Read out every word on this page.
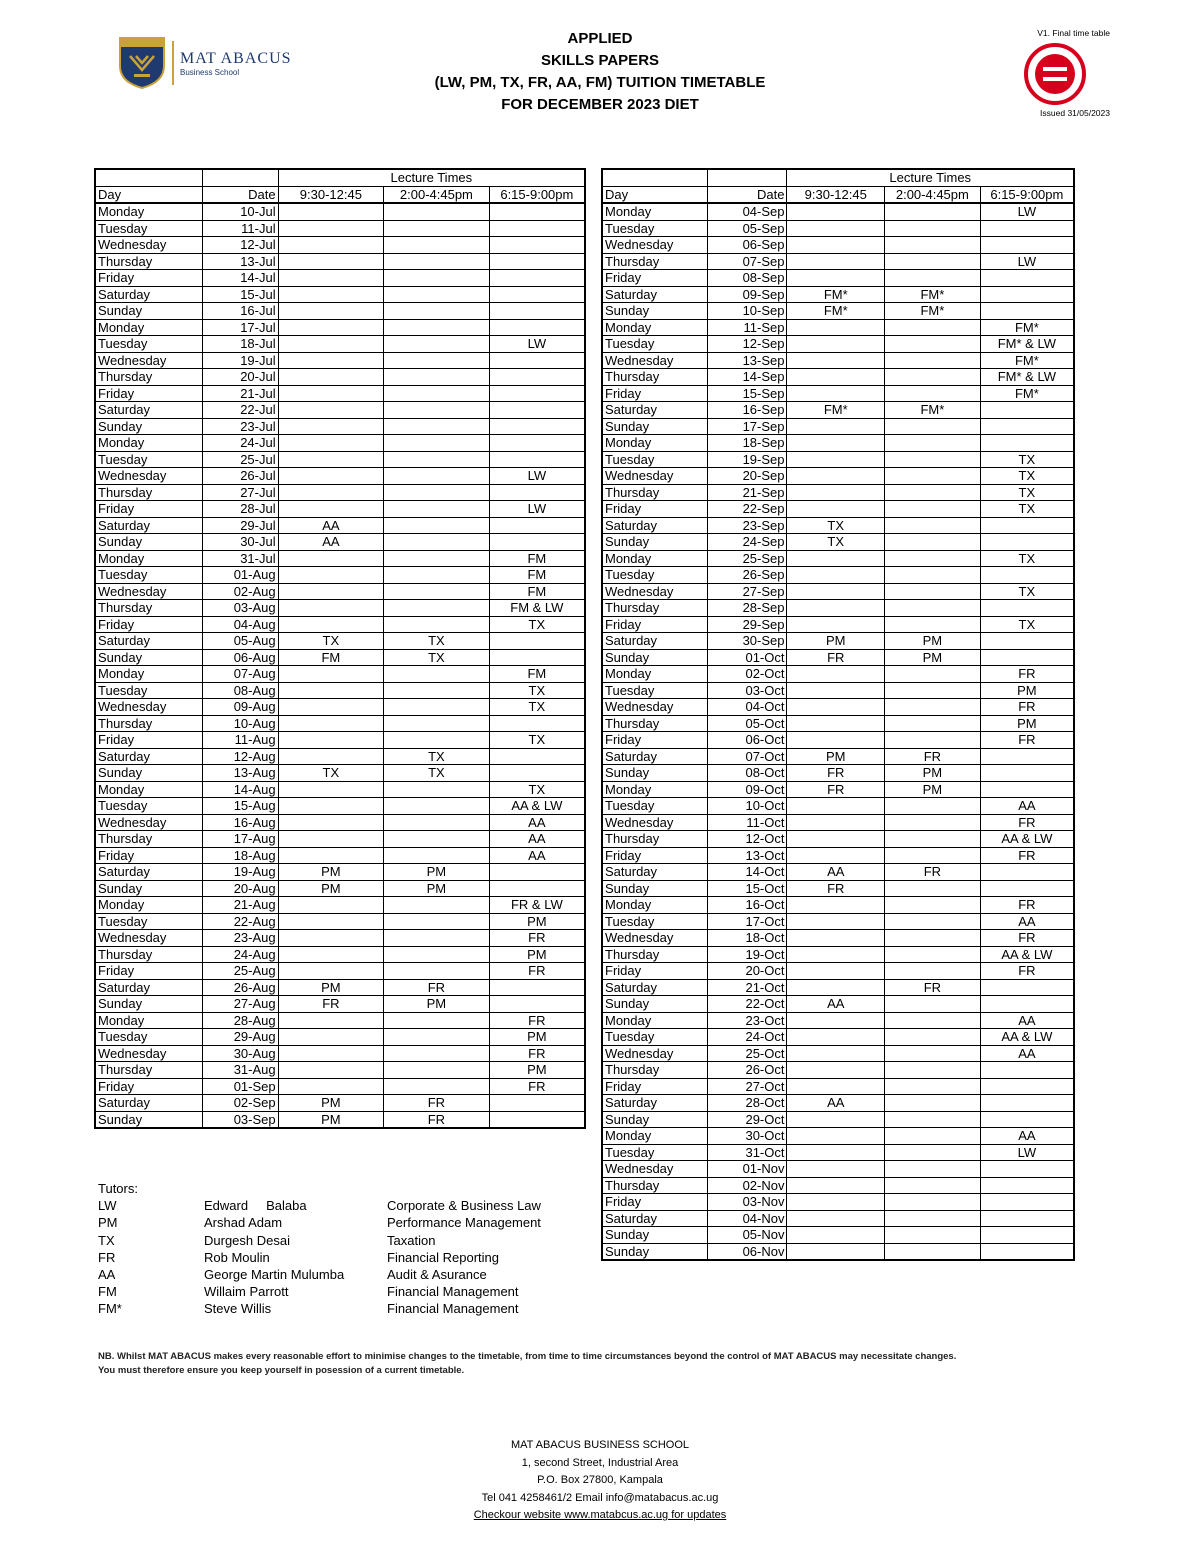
MAT ABACUS
Business School
APPLIED
SKILLS PAPERS
(LW, PM, TX, FR, AA, FM) TUITION TIMETABLE
FOR DECEMBER 2023 DIET
V1. Final time table
Issued 31/05/2023
		Lecture Times		
Day	Date	9:30-12:45	2:00-4:45pm	6:15-9:00pm
Monday	10-Jul			
Tuesday	11-Jul			
Wednesday	12-Jul			
Thursday	13-Jul			
Friday	14-Jul			
Saturday	15-Jul			
Sunday	16-Jul			
Monday	17-Jul			
Tuesday	18-Jul			LW
Wednesday	19-Jul			
Thursday	20-Jul			
Friday	21-Jul			
Saturday	22-Jul			
Sunday	23-Jul			
Monday	24-Jul			
Tuesday	25-Jul			
Wednesday	26-Jul			LW
Thursday	27-Jul			
Friday	28-Jul			LW
Saturday	29-Jul	AA		
Sunday	30-Jul	AA		
Monday	31-Jul			FM
Tuesday	01-Aug			FM
Wednesday	02-Aug			FM
Thursday	03-Aug			FM & LW
Friday	04-Aug			TX
Saturday	05-Aug	TX	TX	
Sunday	06-Aug	FM	TX	
Monday	07-Aug			FM
Tuesday	08-Aug			TX
Wednesday	09-Aug			TX
Thursday	10-Aug			
Friday	11-Aug			TX
Saturday	12-Aug		TX	
Sunday	13-Aug	TX	TX	
Monday	14-Aug			TX
Tuesday	15-Aug			AA & LW
Wednesday	16-Aug			AA
Thursday	17-Aug			AA
Friday	18-Aug			AA
Saturday	19-Aug	PM	PM	
Sunday	20-Aug	PM	PM	
Monday	21-Aug			FR & LW
Tuesday	22-Aug			PM
Wednesday	23-Aug			FR
Thursday	24-Aug			PM
Friday	25-Aug			FR
Saturday	26-Aug	PM	FR	
Sunday	27-Aug	FR	PM	
Monday	28-Aug			FR
Tuesday	29-Aug			PM
Wednesday	30-Aug			FR
Thursday	31-Aug			PM
Friday	01-Sep			FR
Saturday	02-Sep	PM	FR	
Sunday	03-Sep	PM	FR	
		Lecture Times		
Day	Date	9:30-12:45	2:00-4:45pm	6:15-9:00pm
Monday	04-Sep			LW
Tuesday	05-Sep			
Wednesday	06-Sep			
Thursday	07-Sep			LW
Friday	08-Sep			
Saturday	09-Sep	FM*	FM*	
Sunday	10-Sep	FM*	FM*	
Monday	11-Sep			FM*
Tuesday	12-Sep			FM* & LW
Wednesday	13-Sep			FM*
Thursday	14-Sep			FM* & LW
Friday	15-Sep			FM*
Saturday	16-Sep	FM*	FM*	
Sunday	17-Sep			
Monday	18-Sep			
Tuesday	19-Sep			TX
Wednesday	20-Sep			TX
Thursday	21-Sep			TX
Friday	22-Sep			TX
Saturday	23-Sep	TX		
Sunday	24-Sep	TX		
Monday	25-Sep			TX
Tuesday	26-Sep			
Wednesday	27-Sep			TX
Thursday	28-Sep			
Friday	29-Sep			TX
Saturday	30-Sep	PM	PM	
Sunday	01-Oct	FR	PM	
Monday	02-Oct			FR
Tuesday	03-Oct			PM
Wednesday	04-Oct			FR
Thursday	05-Oct			PM
Friday	06-Oct			FR
Saturday	07-Oct	PM	FR	
Sunday	08-Oct	FR	PM	
Monday	09-Oct	FR	PM	
Tuesday	10-Oct			AA
Wednesday	11-Oct			FR
Thursday	12-Oct			AA & LW
Friday	13-Oct			FR
Saturday	14-Oct	AA	FR	
Sunday	15-Oct	FR		
Monday	16-Oct			FR
Tuesday	17-Oct			AA
Wednesday	18-Oct			FR
Thursday	19-Oct			AA & LW
Friday	20-Oct			FR
Saturday	21-Oct		FR	
Sunday	22-Oct	AA		
Monday	23-Oct			AA
Tuesday	24-Oct			AA & LW
Wednesday	25-Oct			AA
Thursday	26-Oct			
Friday	27-Oct			
Saturday	28-Oct	AA		
Sunday	29-Oct			
Monday	30-Oct			AA
Tuesday	31-Oct			LW
Wednesday	01-Nov			
Thursday	02-Nov			
Friday	03-Nov			
Saturday	04-Nov			
Sunday	05-Nov			
Sunday	06-Nov			
Tutors:
LW	Edward     Balaba	Corporate & Business Law
PM	Arshad Adam	Performance Management
TX	Durgesh Desai	Taxation
FR	Rob Moulin	Financial Reporting
AA	George Martin Mulumba	Audit & Asurance
FM	Willaim Parrott	Financial Management
FM*	Steve Willis	Financial Management
NB. Whilst MAT ABACUS makes every reasonable effort to minimise changes to the timetable, from time to time circumstances beyond the control of MAT ABACUS may necessitate changes.
You must therefore ensure you keep yourself in posession of a current timetable.
MAT ABACUS BUSINESS SCHOOL
1, second Street, Industrial Area
P.O. Box 27800, Kampala
Tel 041 4258461/2 Email info@matabacus.ac.ug
Checkour website www.matabcus.ac.ug for updates
